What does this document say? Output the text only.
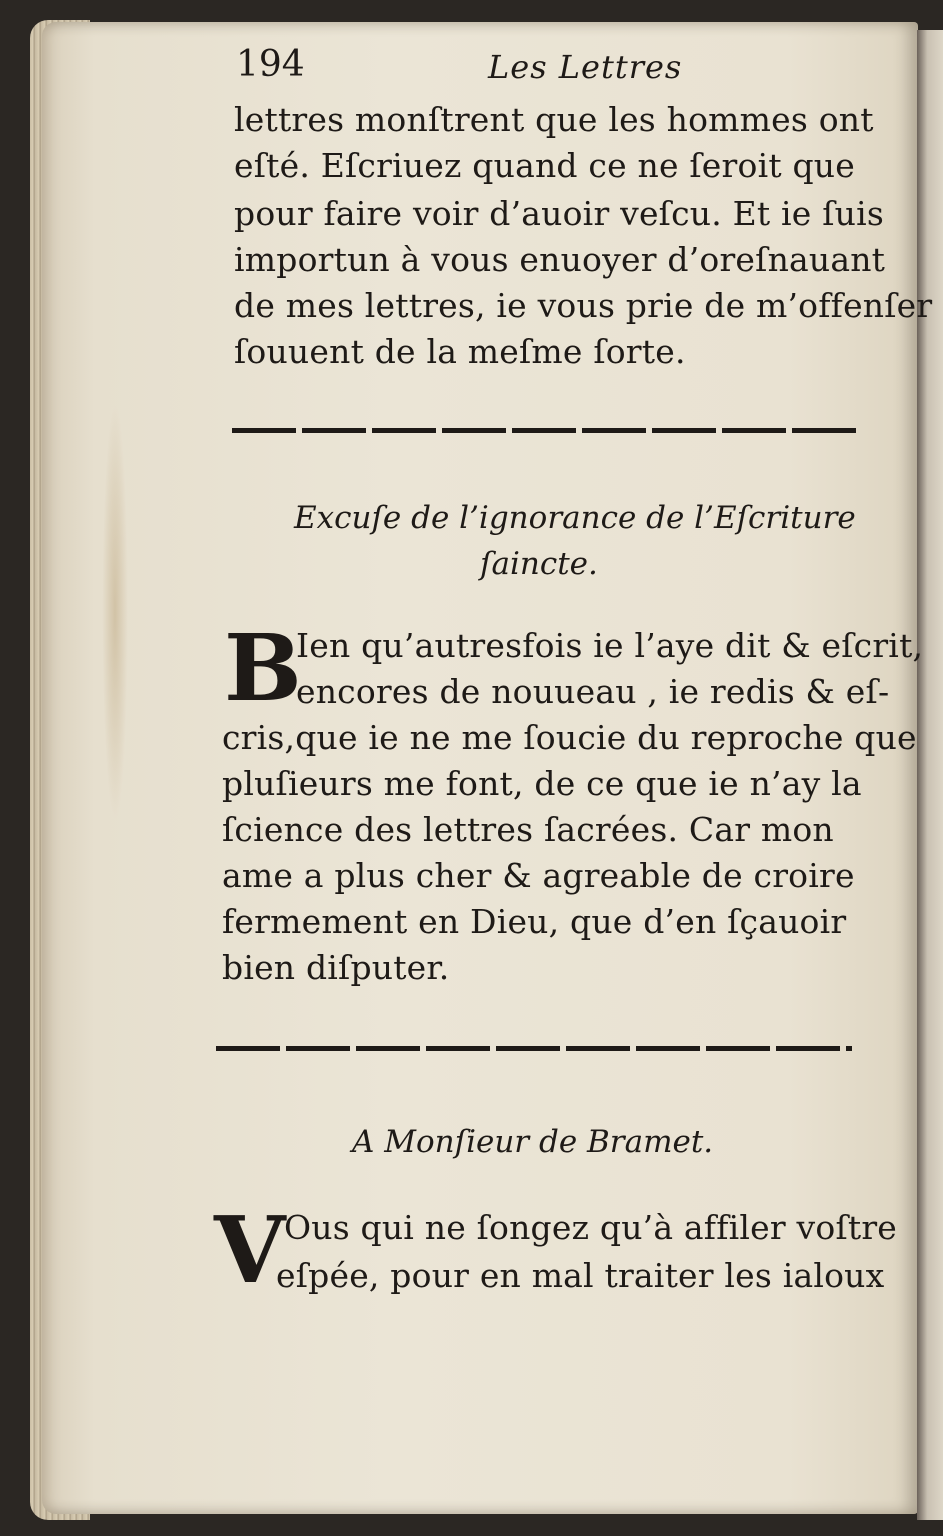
194	Les Lettres
lettres monſtrent que les hommes ont
eſté. Eſcriuez quand ce ne ſeroit que
pour faire voir d’auoir veſcu. Et ie ſuis
importun à vous enuoyer d’oreſnauant
de mes lettres, ie vous prie de m’offenſer
ſouuent de la meſme ſorte.
Excuſe de l’ignorance de l’Eſcriture
ſaincte.
B
Ien qu’autresfois ie l’aye dit & eſcrit,
encores de nouueau , ie redis & eſ-
cris,que ie ne me ſoucie du reproche que
pluſieurs me font, de ce que ie n’ay la
ſcience des lettres ſacrées. Car mon
ame a plus cher & agreable de croire
fermement en Dieu, que d’en ſçauoir
bien diſputer.
A Monſieur de Bramet.
V
Ous qui ne ſongez qu’à affiler voſtre
eſpée, pour en mal traiter les ialoux
